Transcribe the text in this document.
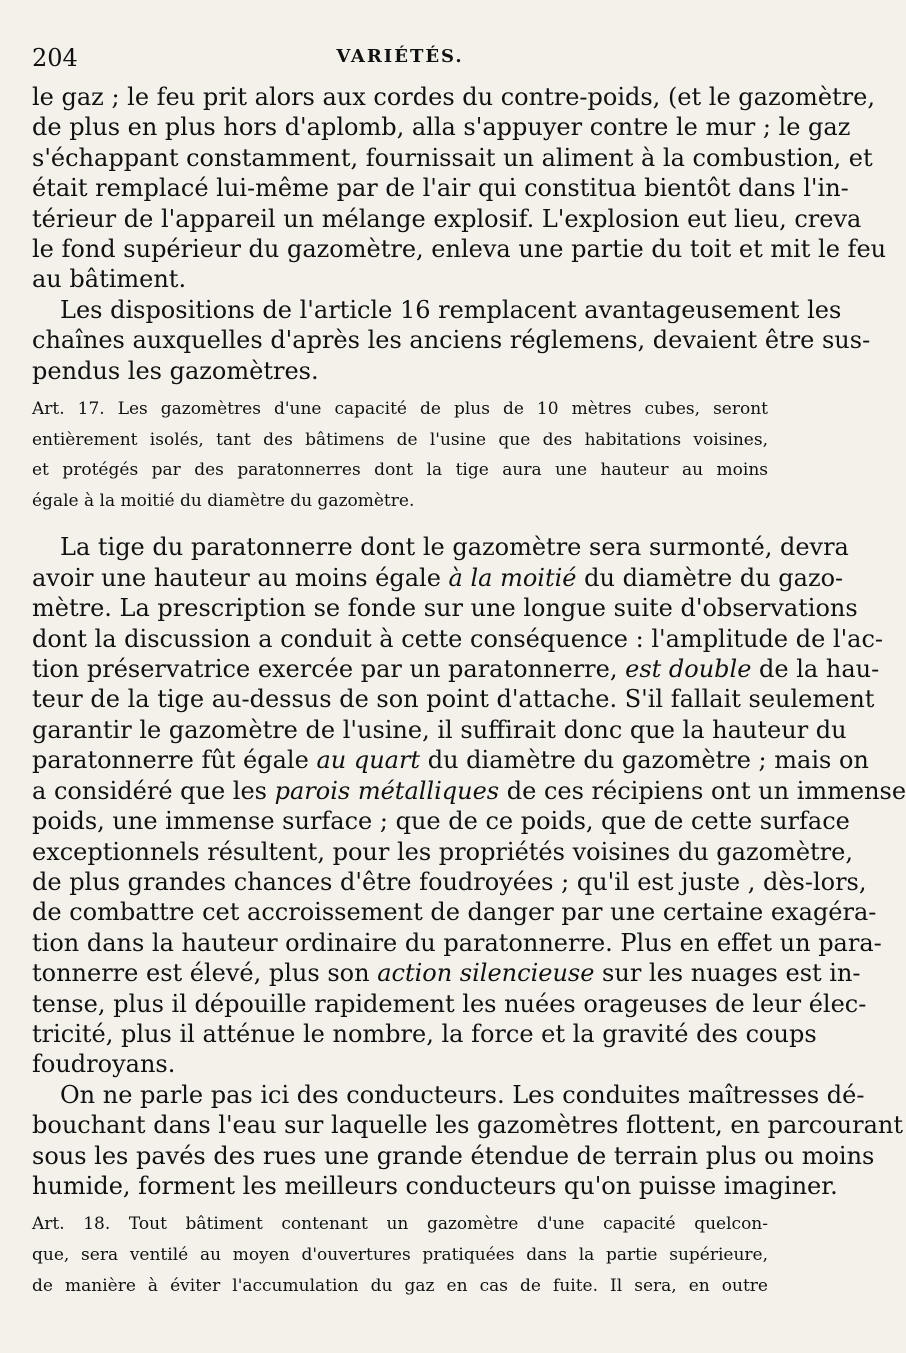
204	VARIÉTÉS.
le gaz ; le feu prit alors aux cordes du contre-poids, (et le gazomètre,
de plus en plus hors d'aplomb, alla s'appuyer contre le mur ; le gaz
s'échappant constamment, fournissait un aliment à la combustion, et
était remplacé lui-même par de l'air qui constitua bientôt dans l'in-
térieur de l'appareil un mélange explosif. L'explosion eut lieu, creva
le fond supérieur du gazomètre, enleva une partie du toit et mit le feu
au bâtiment.
Les dispositions de l'article 16 remplacent avantageusement les
chaînes auxquelles d'après les anciens réglemens, devaient être sus-
pendus les gazomètres.
Art. 17. Les gazomètres d'une capacité de plus de 10 mètres cubes, seront
entièrement isolés, tant des bâtimens de l'usine que des habitations voisines,
et protégés par des paratonnerres dont la tige aura une hauteur au moins
égale à la moitié du diamètre du gazomètre.
La tige du paratonnerre dont le gazomètre sera surmonté, devra
avoir une hauteur au moins égale à la moitié du diamètre du gazo-
mètre. La prescription se fonde sur une longue suite d'observations
dont la discussion a conduit à cette conséquence : l'amplitude de l'ac-
tion préservatrice exercée par un paratonnerre, est double de la hau-
teur de la tige au-dessus de son point d'attache. S'il fallait seulement
garantir le gazomètre de l'usine, il suffirait donc que la hauteur du
paratonnerre fût égale au quart du diamètre du gazomètre ; mais on
a considéré que les parois métalliques de ces récipiens ont un immense
poids, une immense surface ; que de ce poids, que de cette surface
exceptionnels résultent, pour les propriétés voisines du gazomètre,
de plus grandes chances d'être foudroyées ; qu'il est juste , dès-lors,
de combattre cet accroissement de danger par une certaine exagéra-
tion dans la hauteur ordinaire du paratonnerre. Plus en effet un para-
tonnerre est élevé, plus son action silencieuse sur les nuages est in-
tense, plus il dépouille rapidement les nuées orageuses de leur élec-
tricité, plus il atténue le nombre, la force et la gravité des coups
foudroyans.
On ne parle pas ici des conducteurs. Les conduites maîtresses dé-
bouchant dans l'eau sur laquelle les gazomètres flottent, en parcourant
sous les pavés des rues une grande étendue de terrain plus ou moins
humide, forment les meilleurs conducteurs qu'on puisse imaginer.
Art. 18. Tout bâtiment contenant un gazomètre d'une capacité quelcon-
que, sera ventilé au moyen d'ouvertures pratiquées dans la partie supérieure,
de manière à éviter l'accumulation du gaz en cas de fuite. Il sera, en outre
